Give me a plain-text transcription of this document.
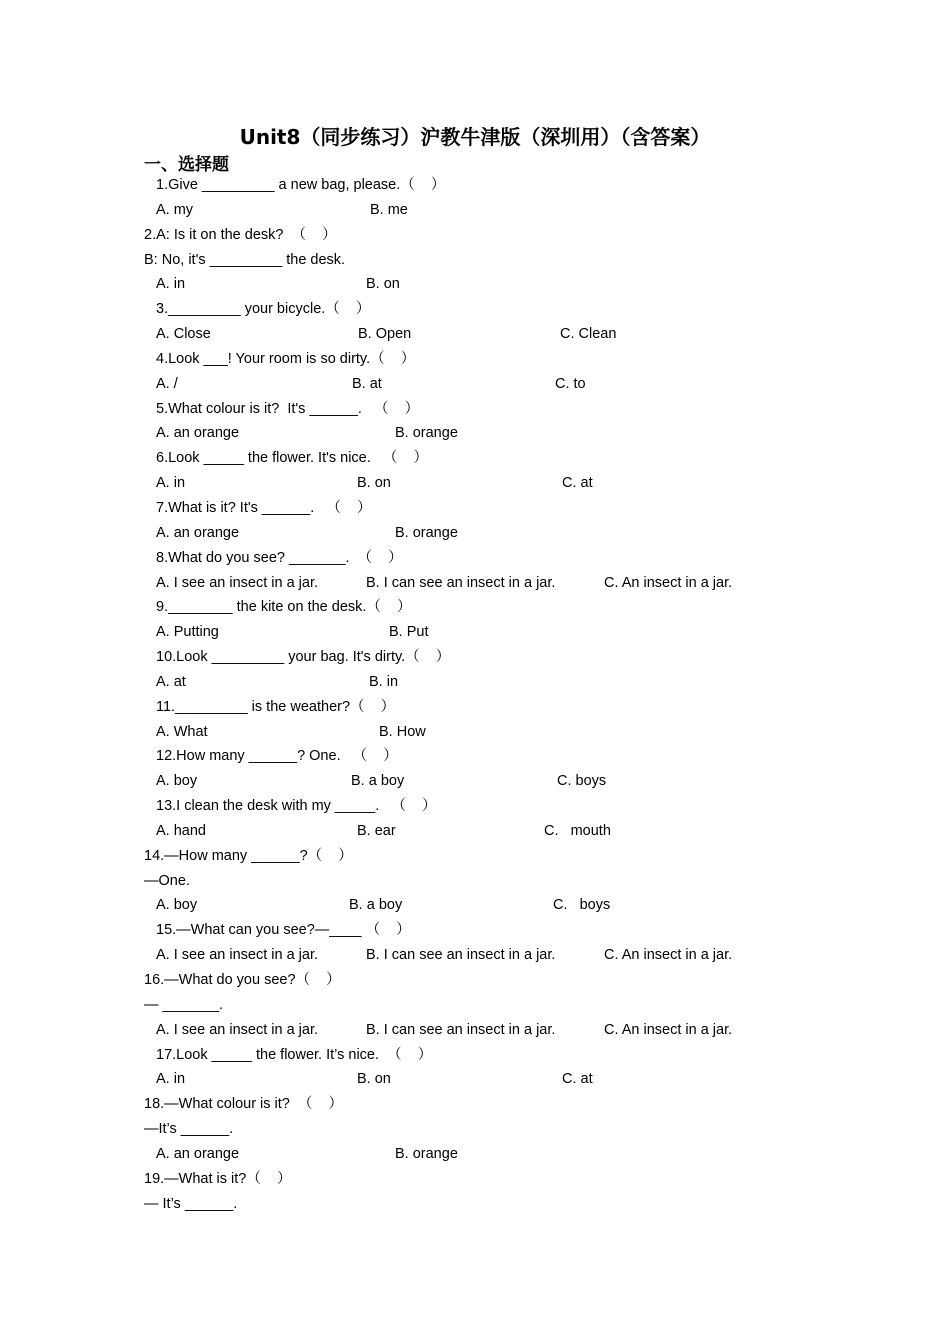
Unit8（同步练习）沪教牛津版（深圳用）（含答案）
一、选择题
1.Give _________ a new bag, please.（    ）
A. my	B. me
2.A: Is it on the desk?  （    ）
B: No, it's _________ the desk.
A. in	B. on
3._________ your bicycle.（    ）
A. Close	B. Open	C. Clean
4.Look ___! Your room is so dirty.（    ）
A. /	B. at	C. to
5.What colour is it?  It's ______.   （    ）
A. an orange	B. orange
6.Look _____ the flower. It's nice.   （    ）
A. in	B. on	C. at
7.What is it? It's ______.   （    ）
A. an orange	B. orange
8.What do you see? _______.  （    ）
A. I see an insect in a jar.	B. I can see an insect in a jar.	C. An insect in a jar.
9.________ the kite on the desk.（    ）
A. Putting	B. Put
10.Look _________ your bag. It's dirty.（    ）
A. at	B. in
11._________ is the weather?（    ）
A. What	B. How
12.How many ______? One.   （    ）
A. boy	B. a boy	C. boys
13.I clean the desk with my _____.   （    ）
A. hand	B. ear	C.   mouth
14.—How many ______?（    ）
—One.
A. boy	B. a boy	C.   boys
15.—What can you see?—____ （    ）
A. I see an insect in a jar.	B. I can see an insect in a jar.	C. An insect in a jar.
16.—What do you see?（    ）
— _______.
A. I see an insect in a jar.	B. I can see an insect in a jar.	C. An insect in a jar.
17.Look _____ the flower. It’s nice.  （    ）
A. in	B. on	C. at
18.—What colour is it?  （    ）
—It’s ______.
A. an orange	B. orange
19.—What is it?（    ）
— It’s ______.
